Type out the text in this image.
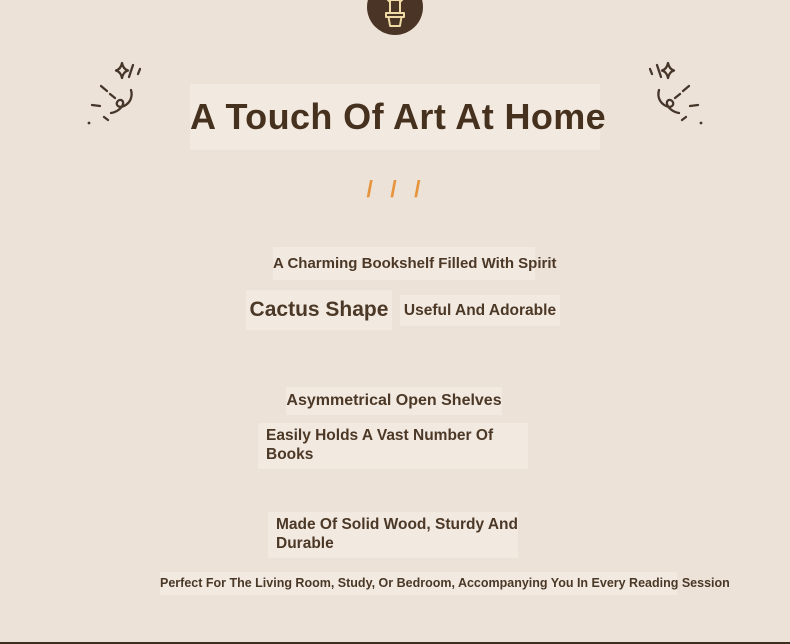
A Touch Of Art At Home
/ / /
A Charming Bookshelf Filled With Spirit
Cactus Shape Useful And Adorable
Asymmetrical Open Shelves
Easily Holds A Vast Number Of Books
Made Of Solid Wood, Sturdy And Durable
Perfect For The Living Room, Study, Or Bedroom, Accompanying You In Every Reading Session
